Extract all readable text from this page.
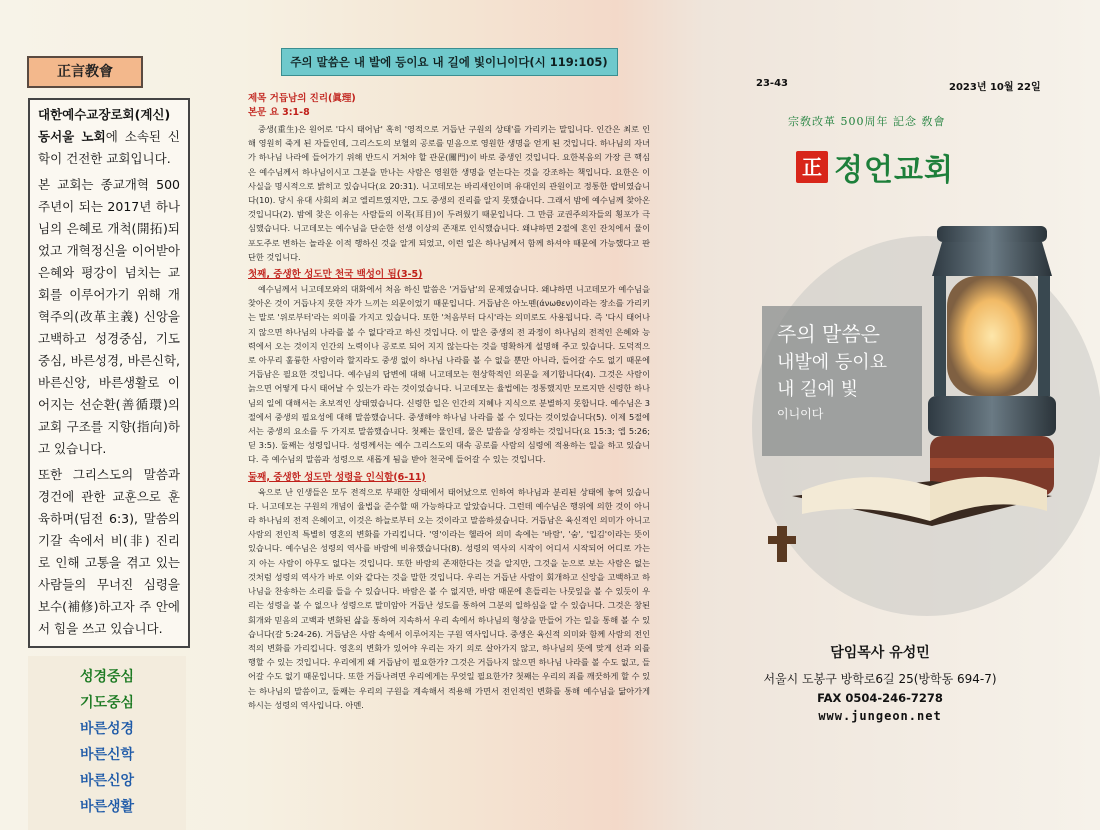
正言教會

대한예수교장로회(계신) 동서울 노회에 소속된 신학이 건전한 교회입니다.

본 교회는 종교개혁 500주년이 되는 2017년 하나님의 은혜로 개척(開拓)되었고 개혁정신을 이어받아 은혜와 평강이 넘치는 교회를 이루어가기 위해 개혁주의(改革主義) 신앙을 고백하고 성경중심, 기도중심, 바른성경, 바른신학, 바른신앙, 바른생활로 이어지는 선순환(善循環)의 교회 구조를 지향(指向)하고 있습니다.

또한 그리스도의 말씀과 경건에 관한 교훈으로 훈육하며(딤전 6:3), 말씀의 기갈 속에서 비(非) 진리로 인해 고통을 겪고 있는 사람들의 무너진 심령을 보수(補修)하고자 주 안에서 힘을 쓰고 있습니다.

성경중심
기도중심
바른성경
바른신학
바른신앙
바른생활
주의 말씀은 내 발에 등이요 내 길에 빛이니이다(시 119:105)

제목 거듭남의 진리(眞理)

본문 요 3:1-8

중생(重生)은 원어로 '다시 태어남' 혹히 '영적으로 거듭난 구원의 상태'를 가리키는 말입니다. 인간은 최로 인해 영원히 죽게 된 자들인데, 그리스도의 보혈의 공로를 믿음으로 영원한 생명을 얻게 된 것입니다. 하나님의 자녀가 하나님 나라에 들어가기 위해 반드시 거쳐야 할 관문(關門)이 바로 중생인 것입니다. 요한복음의 가장 큰 핵심은 예수님께서 하나님이시고 그분을 만나는 사람은 영원한 생명을 얻는다는 것을 강조하는 책입니다. 요한은 이 사실을 명시적으로 밝히고 있습니다(요 20:31). 니고데모는 바리새인이며 유대인의 관원이고 정통한 랍비였습니다(10). 당시 유대 사회의 최고 엘리트였지만, 그도 중생의 진리를 알지 못했습니다. 그래서 밤에 예수님께 찾아온 것입니다(2). 밤에 찾은 이유는 사람들의 이목(耳目)이 두려웠기 때문입니다. 그 만큼 교권주의자들의 횡포가 극심했습니다. 니고데모는 예수님을 단순한 선생 이상의 존재로 인식했습니다. 왜냐하면 2절에 혼인 잔치에서 물이 포도주로 변하는 놀라운 이적 행하신 것을 알게 되었고, 이런 일은 하나님께서 함께 하셔야 때문에 가능했다고 판단한 것입니다.

첫째, 중생한 성도만 천국 백성이 됨(3-5)

예수님께서 니고데모와의 대화에서 처음 하신 말씀은 '거듭남'의 문제였습니다. 왜냐하면 니고데모가 예수님을 찾아온 것이 거듭나지 못한 자가 느끼는 의문이었기 때문입니다. 거듭남은 아노뗀(άνωθεν)이라는 장소를 가리키는 말로 '위로부터'라는 의미를 가지고 있습니다. 또한 '처음부터 다시'라는 의미로도 사용됩니다. 즉 '다시 태어나지 않으면 하나님의 나라를 볼 수 없다'라고 하신 것입니다. 이 말은 중생의 전 과정이 하나님의 전적인 은혜와 능력에서 오는 것이지 인간의 노력이나 공로로 되어 지지 않는다는 것을 명확하게 설명해 주고 있습니다. 도덕적으로 아무리 훌륭한 사람이라 할지라도 중생 없이 하나님 나라를 볼 수 없을 뿐만 아니라, 들어갈 수도 없기 때문에 거듭남은 필요한 것입니다. 예수님의 답변에 대해 니고데모는 현상학적인 의문을 제기합니다(4). 그것은 사람이 늙으면 어떻게 다시 태어날 수 있는가 라는 것이었습니다. 니고데모는 율법에는 정통했지만 모르지만 신령한 하나님의 일에 대해서는 초보적인 상태였습니다. 신령한 일은 인간의 지혜나 지식으로 분별하지 못합니다. 예수님은 3절에서 중생의 필요성에 대해 말씀했습니다. 중생해야 하나님 나라를 볼 수 있다는 것이었습니다(5). 이제 5절에서는 중생의 요소를 두 가지로 말씀했습니다. 첫째는 물인데, 물은 말씀을 상징하는 것입니다(요 15:3; 엡 5:26; 딛 3:5). 둘째는 성령입니다. 성령께서는 예수 그리스도의 대속 공로를 사람의 심령에 적용하는 일을 하고 있습니다. 즉 예수님의 말씀과 성령으로 새롭게 됨을 받아 천국에 들어갈 수 있는 것입니다.

둘째, 중생한 성도만 성령을 인식함(6-11)

육으로 난 인생들은 모두 전적으로 부패한 상태에서 태어났으로 인하여 하나님과 분리된 상태에 놓여 있습니다. 니고데모는 구원의 개념이 율법을 준수할 때 가능하다고 알았습니다. 그런데 예수님은 행위에 의한 것이 아니라 하나님의 전적 은혜이고, 이것은 하늘로부터 오는 것이라고 말씀하셨습니다. 거듭남은 육신적인 의미가 아니고 사람의 전인적 특별히 영혼의 변화를 가리킵니다. '영'이라는 헬라어 의미 속에는 '바람', '숨', '입김'이라는 뜻이 있습니다. 예수님은 성령의 역사를 바람에 비유했습니다(8). 성령의 역사의 시작이 어디서 시작되어 어디로 가는지 아는 사람이 아무도 없다는 것입니다. 또한 바람의 존재한다는 것을 알지만, 그것을 눈으로 보는 사람은 없는 것처럼 성령의 역사가 바로 이와 같다는 것을 말한 것입니다. 우리는 거듭난 사람이 회개하고 신앙을 고백하고 하나님을 찬송하는 소리를 들을 수 있습니다. 바람은 볼 수 없지만, 바람 때문에 흔들리는 나뭇잎을 볼 수 있듯이 우리는 성령을 볼 수 없으나 성령으로 말미암아 거듭난 성도를 통하여 그분의 일하심을 알 수 있습니다. 그것은 창된 회개와 믿음의 고백과 변화된 삶을 통하여 지속하서 우리 속에서 하나님의 형상을 만들어 가는 일을 통해 볼 수 있습니다(갈 5:24-26). 거듭남은 사람 속에서 이루어지는 구원 역사입니다. 중생은 육신적 의미와 함께 사람의 전인적의 변화를 가리킵니다. 영혼의 변화가 있어야 우리는 자기 의로 살아가지 않고, 하나님의 뜻에 맞게 선과 의를 행할 수 있는 것입니다. 우리에게 왜 거듭남이 필요한가? 그것은 거듭나지 않으면 하나님 나라를 볼 수도 없고, 들어갈 수도 없기 때문입니다. 또한 거듭나려면 우리에게는 무엇일 필요한가? 첫째는 우리의 죄를 깨끗하게 할 수 있는 하나님의 말씀이고, 둘째는 우리의 구원을 계속해서 적용해 가면서 전인적인 변화를 통해 예수님을 닮아가게 하시는 성령의 역사입니다. 아멘.

23-43	2023년 10월 22일
宗敎改革 500周年 記念 敎會
正 정언교회
주의 말씀은
내발에 등이요
내 길에 빛
이니이다
담임목사 유성민
서울시 도봉구 방학로6길 25(방학동 694-7)
FAX 0504-246-7278
www.jungeon.net
